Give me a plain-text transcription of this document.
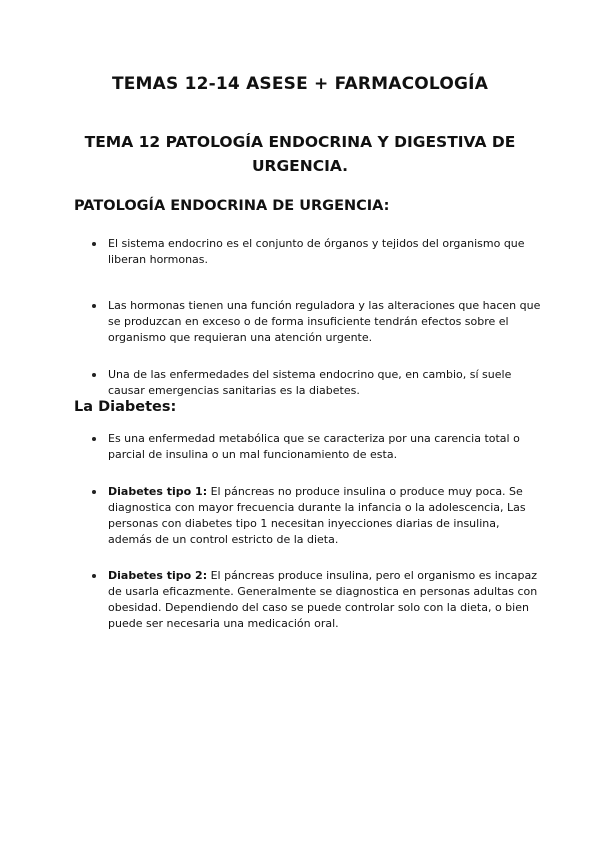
TEMAS 12-14 ASESE + FARMACOLOGÍA
TEMA 12 PATOLOGÍA ENDOCRINA Y DIGESTIVA DE URGENCIA.
PATOLOGÍA ENDOCRINA DE URGENCIA:
El sistema endocrino es el conjunto de órganos y tejidos del organismo que liberan hormonas.
Las hormonas tienen una función reguladora y las alteraciones que hacen que se produzcan en exceso o de forma insuficiente tendrán efectos sobre el organismo que requieran una atención urgente.
Una de las enfermedades del sistema endocrino que, en cambio, sí suele causar emergencias sanitarias es la diabetes.
La Diabetes:
Es una enfermedad metabólica que se caracteriza por una carencia total o parcial de insulina o un mal funcionamiento de esta.
Diabetes tipo 1: El páncreas no produce insulina o produce muy poca. Se diagnostica con mayor frecuencia durante la infancia o la adolescencia, Las personas con diabetes tipo 1 necesitan inyecciones diarias de insulina, además de un control estricto de la dieta.
Diabetes tipo 2: El páncreas produce insulina, pero el organismo es incapaz de usarla eficazmente. Generalmente se diagnostica en personas adultas con obesidad. Dependiendo del caso se puede controlar solo con la dieta, o bien puede ser necesaria una medicación oral.
